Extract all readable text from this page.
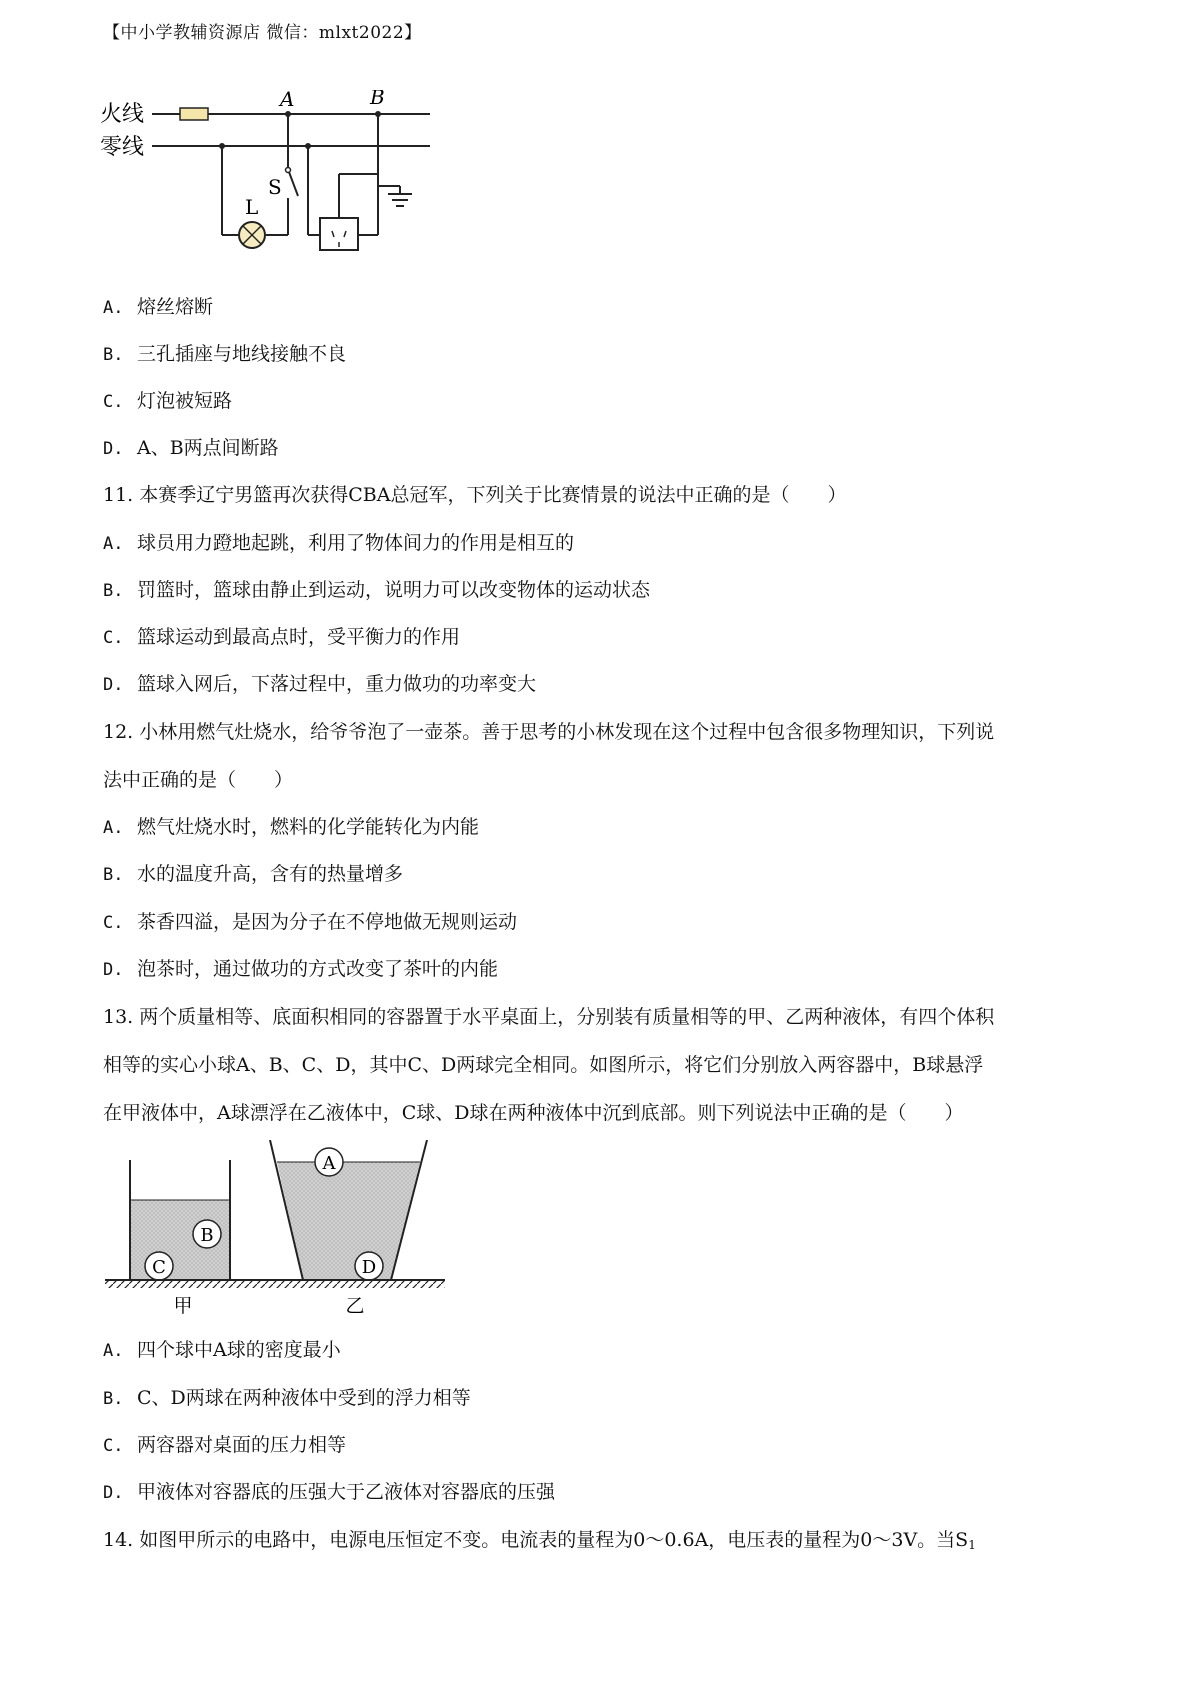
【中小学教辅资源店 微信：mlxt2022】
火线
零线
A	B
L
S
A. 熔丝熔断
B. 三孔插座与地线接触不良
C. 灯泡被短路
D. A、B两点间断路
11. 本赛季辽宁男篮再次获得CBA总冠军，下列关于比赛情景的说法中正确的是（　　）
A. 球员用力蹬地起跳，利用了物体间力的作用是相互的
B. 罚篮时，篮球由静止到运动，说明力可以改变物体的运动状态
C. 篮球运动到最高点时，受平衡力的作用
D. 篮球入网后，下落过程中，重力做功的功率变大
12. 小林用燃气灶烧水，给爷爷泡了一壶茶。善于思考的小林发现在这个过程中包含很多物理知识，下列说
法中正确的是（　　）
A. 燃气灶烧水时，燃料的化学能转化为内能
B. 水的温度升高，含有的热量增多
C. 茶香四溢，是因为分子在不停地做无规则运动
D. 泡茶时，通过做功的方式改变了茶叶的内能
13. 两个质量相等、底面积相同的容器置于水平桌面上，分别装有质量相等的甲、乙两种液体，有四个体积
相等的实心小球A、B、C、D，其中C、D两球完全相同。如图所示，将它们分别放入两容器中，B球悬浮
在甲液体中，A球漂浮在乙液体中，C球、D球在两种液体中沉到底部。则下列说法中正确的是（　　）
B
C
A
D
甲	乙
A. 四个球中A球的密度最小
B. C、D两球在两种液体中受到的浮力相等
C. 两容器对桌面的压力相等
D. 甲液体对容器底的压强大于乙液体对容器底的压强
14. 如图甲所示的电路中，电源电压恒定不变。电流表的量程为0～0.6A，电压表的量程为0～3V。当$S_1$
